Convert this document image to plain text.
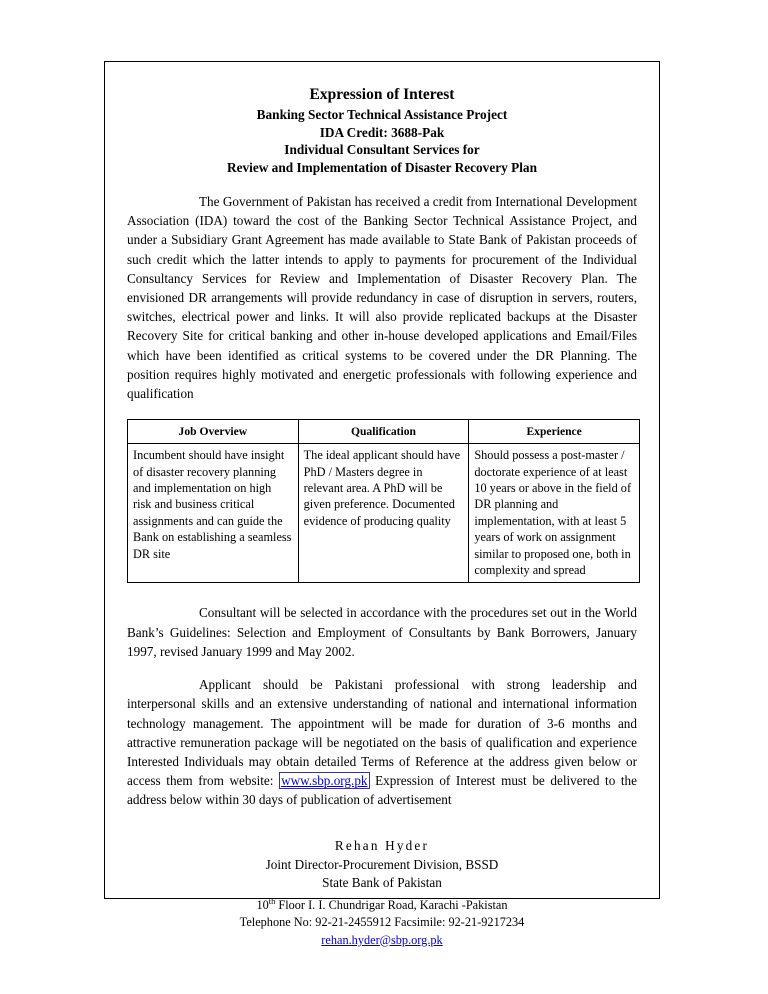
Expression of Interest
Banking Sector Technical Assistance Project
IDA Credit: 3688-Pak
Individual Consultant Services for
Review and Implementation of Disaster Recovery Plan

The Government of Pakistan has received a credit from International Development Association (IDA) toward the cost of the Banking Sector Technical Assistance Project, and under a Subsidiary Grant Agreement has made available to State Bank of Pakistan proceeds of such credit which the latter intends to apply to payments for procurement of the Individual Consultancy Services for Review and Implementation of Disaster Recovery Plan. The envisioned DR arrangements will provide redundancy in case of disruption in servers, routers, switches, electrical power and links. It will also provide replicated backups at the Disaster Recovery Site for critical banking and other in-house developed applications and Email/Files which have been identified as critical systems to be covered under the DR Planning. The position requires highly motivated and energetic professionals with following experience and qualification

Job Overview	Qualification	Experience
Incumbent should have insight of disaster recovery planning and implementation on high risk and business critical assignments and can guide the Bank on establishing a seamless DR site	The ideal applicant should have PhD / Masters degree in relevant area. A PhD will be given preference. Documented evidence of producing quality	Should possess a post-master / doctorate experience of at least 10 years or above in the field of DR planning and implementation, with at least 5 years of work on assignment similar to proposed one, both in complexity and spread

Consultant will be selected in accordance with the procedures set out in the World Bank’s Guidelines: Selection and Employment of Consultants by Bank Borrowers, January 1997, revised January 1999 and May 2002.

Applicant should be Pakistani professional with strong leadership and interpersonal skills and an extensive understanding of national and international information technology management. The appointment will be made for duration of 3-6 months and attractive remuneration package will be negotiated on the basis of qualification and experience Interested Individuals may obtain detailed Terms of Reference at the address given below or access them from website: www.sbp.org.pk Expression of Interest must be delivered to the address below within 30 days of publication of advertisement

Rehan Hyder
Joint Director-Procurement Division, BSSD
State Bank of Pakistan
10th Floor I. I. Chundrigar Road, Karachi -Pakistan
Telephone No: 92-21-2455912 Facsimile: 92-21-9217234
rehan.hyder@sbp.org.pk
